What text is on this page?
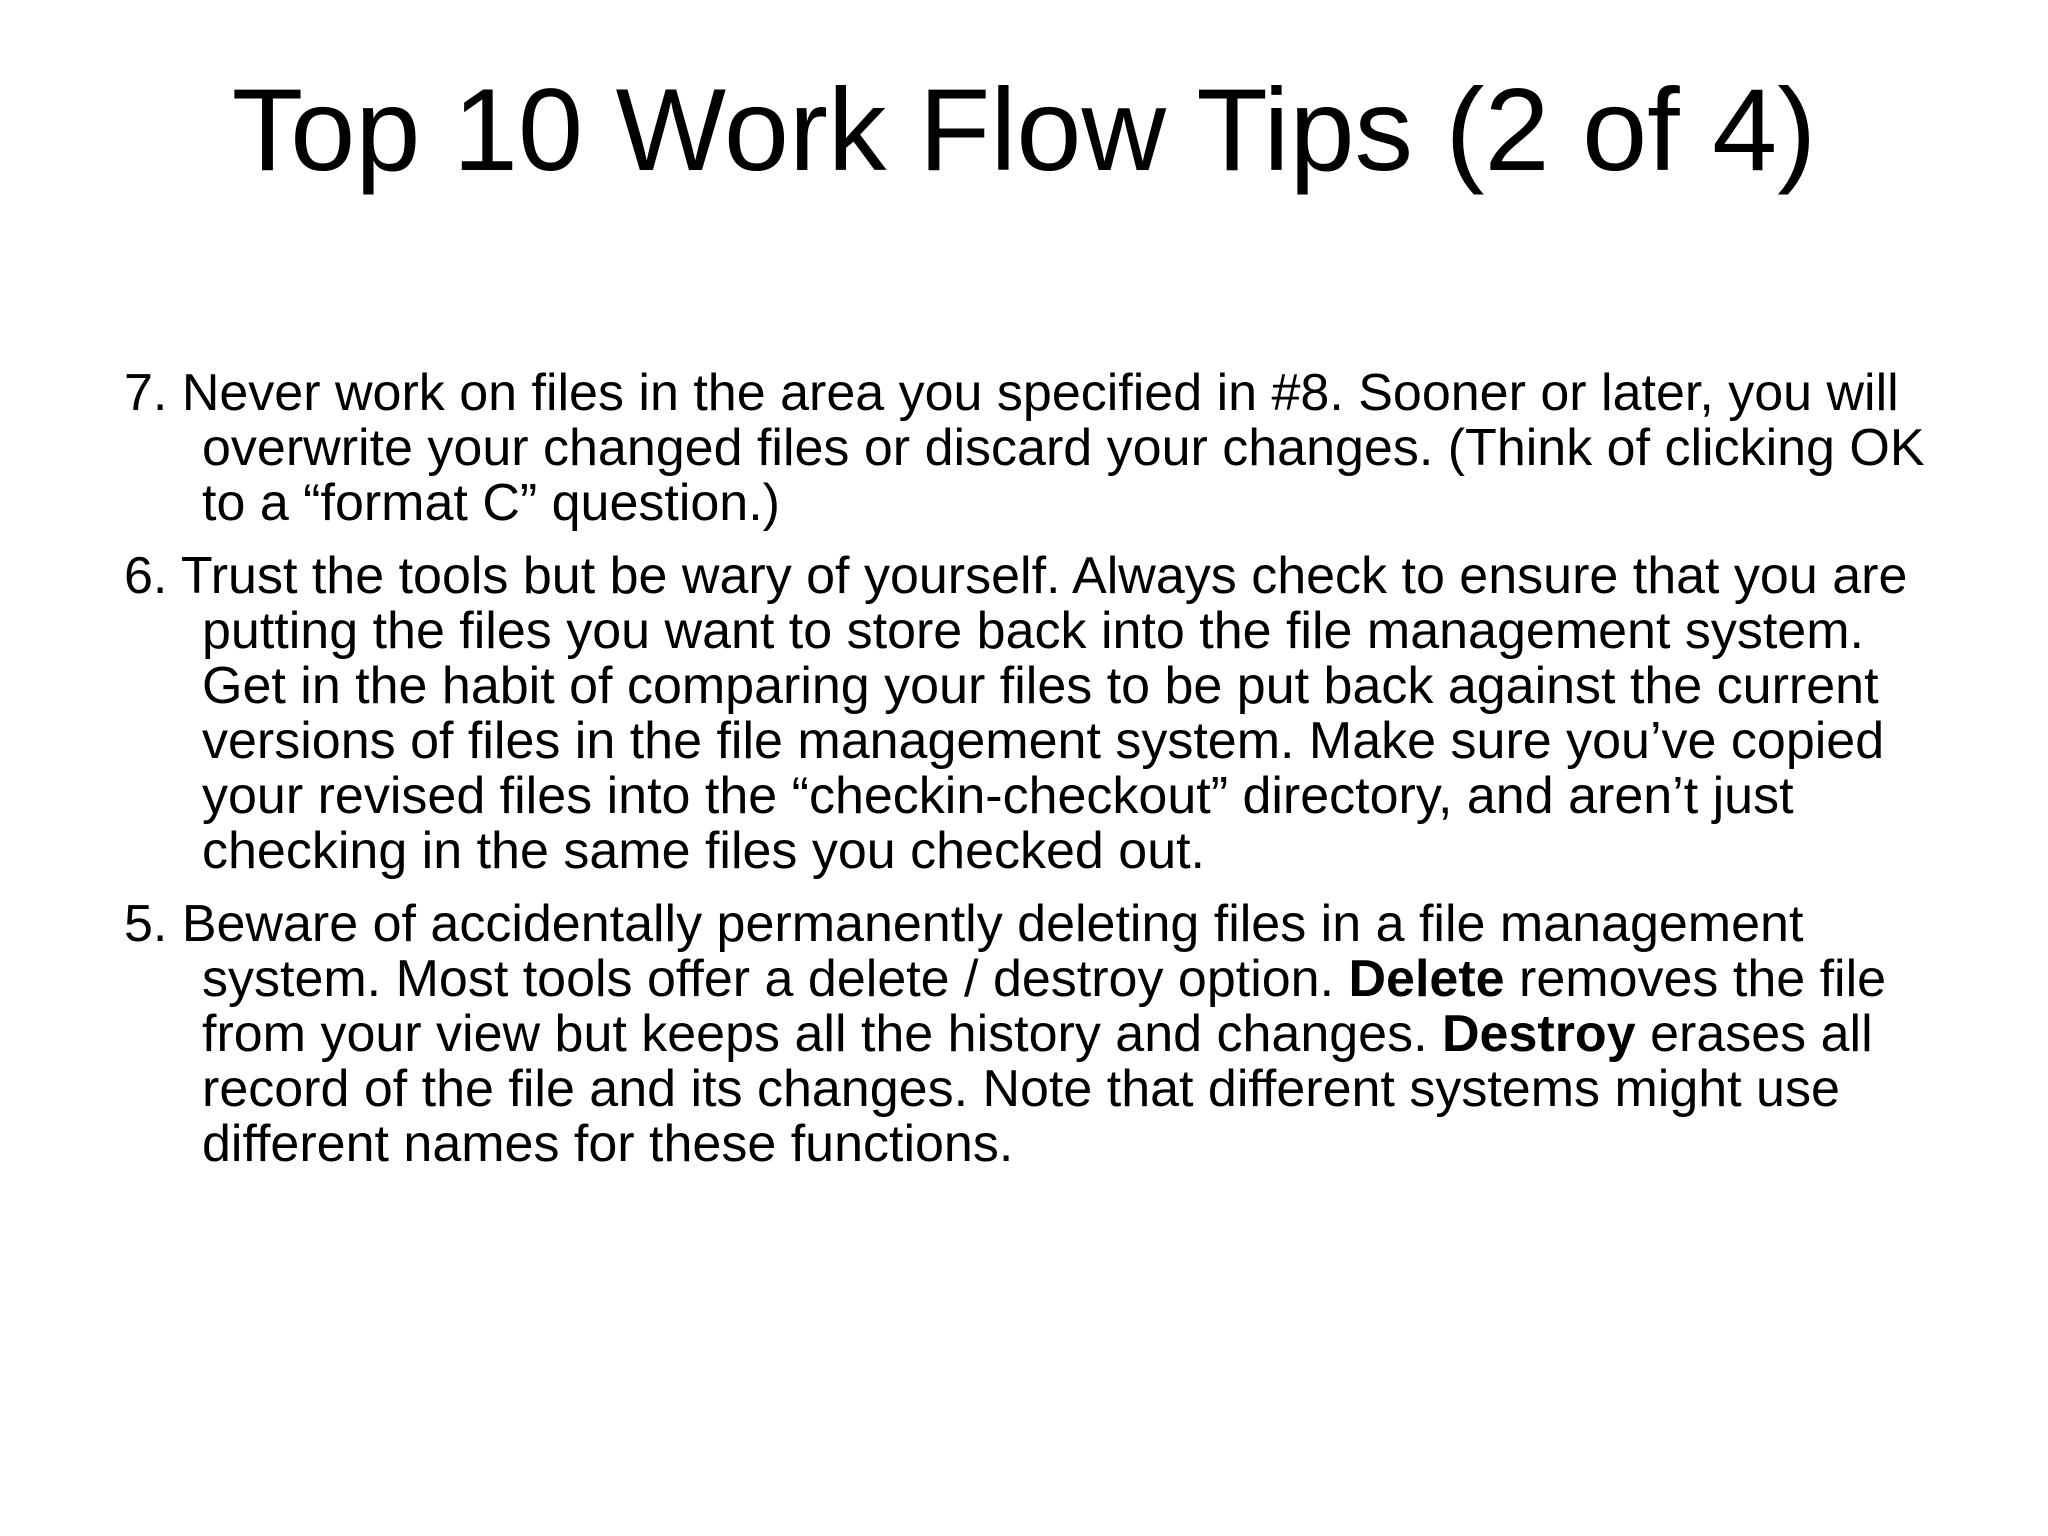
Top 10 Work Flow Tips (2 of 4)
7. Never work on files in the area you specified in #8. Sooner or later, you will overwrite your changed files or discard your changes. (Think of clicking OK to a “format C” question.)
6. Trust the tools but be wary of yourself. Always check to ensure that you are putting the files you want to store back into the file management system. Get in the habit of comparing your files to be put back against the current versions of files in the file management system. Make sure you’ve copied your revised files into the “checkin-checkout” directory, and aren’t just checking in the same files you checked out.
5. Beware of accidentally permanently deleting files in a file management system. Most tools offer a delete / destroy option. Delete removes the file from your view but keeps all the history and changes. Destroy erases all record of the file and its changes. Note that different systems might use different names for these functions.
